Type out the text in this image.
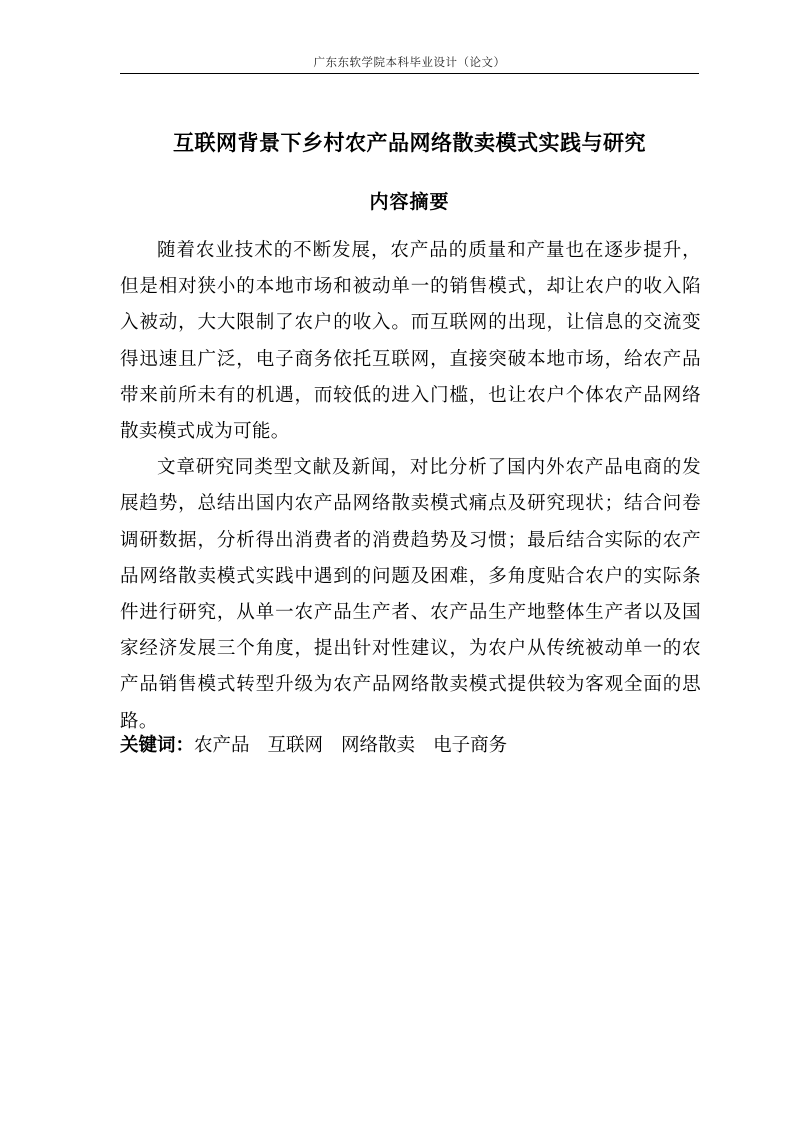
广东东软学院本科毕业设计（论文）
互联网背景下乡村农产品网络散卖模式实践与研究
内容摘要

随着农业技术的不断发展，农产品的质量和产量也在逐步提升，但是相对狭小的本地市场和被动单一的销售模式，却让农户的收入陷入被动，大大限制了农户的收入。而互联网的出现，让信息的交流变得迅速且广泛，电子商务依托互联网，直接突破本地市场，给农产品带来前所未有的机遇，而较低的进入门槛，也让农户个体农产品网络散卖模式成为可能。

文章研究同类型文献及新闻，对比分析了国内外农产品电商的发展趋势，总结出国内农产品网络散卖模式痛点及研究现状；结合问卷调研数据，分析得出消费者的消费趋势及习惯；最后结合实际的农产品网络散卖模式实践中遇到的问题及困难，多角度贴合农户的实际条件进行研究，从单一农产品生产者、农产品生产地整体生产者以及国家经济发展三个角度，提出针对性建议，为农户从传统被动单一的农产品销售模式转型升级为农产品网络散卖模式提供较为客观全面的思路。

关键词：农产品 互联网 网络散卖 电子商务
